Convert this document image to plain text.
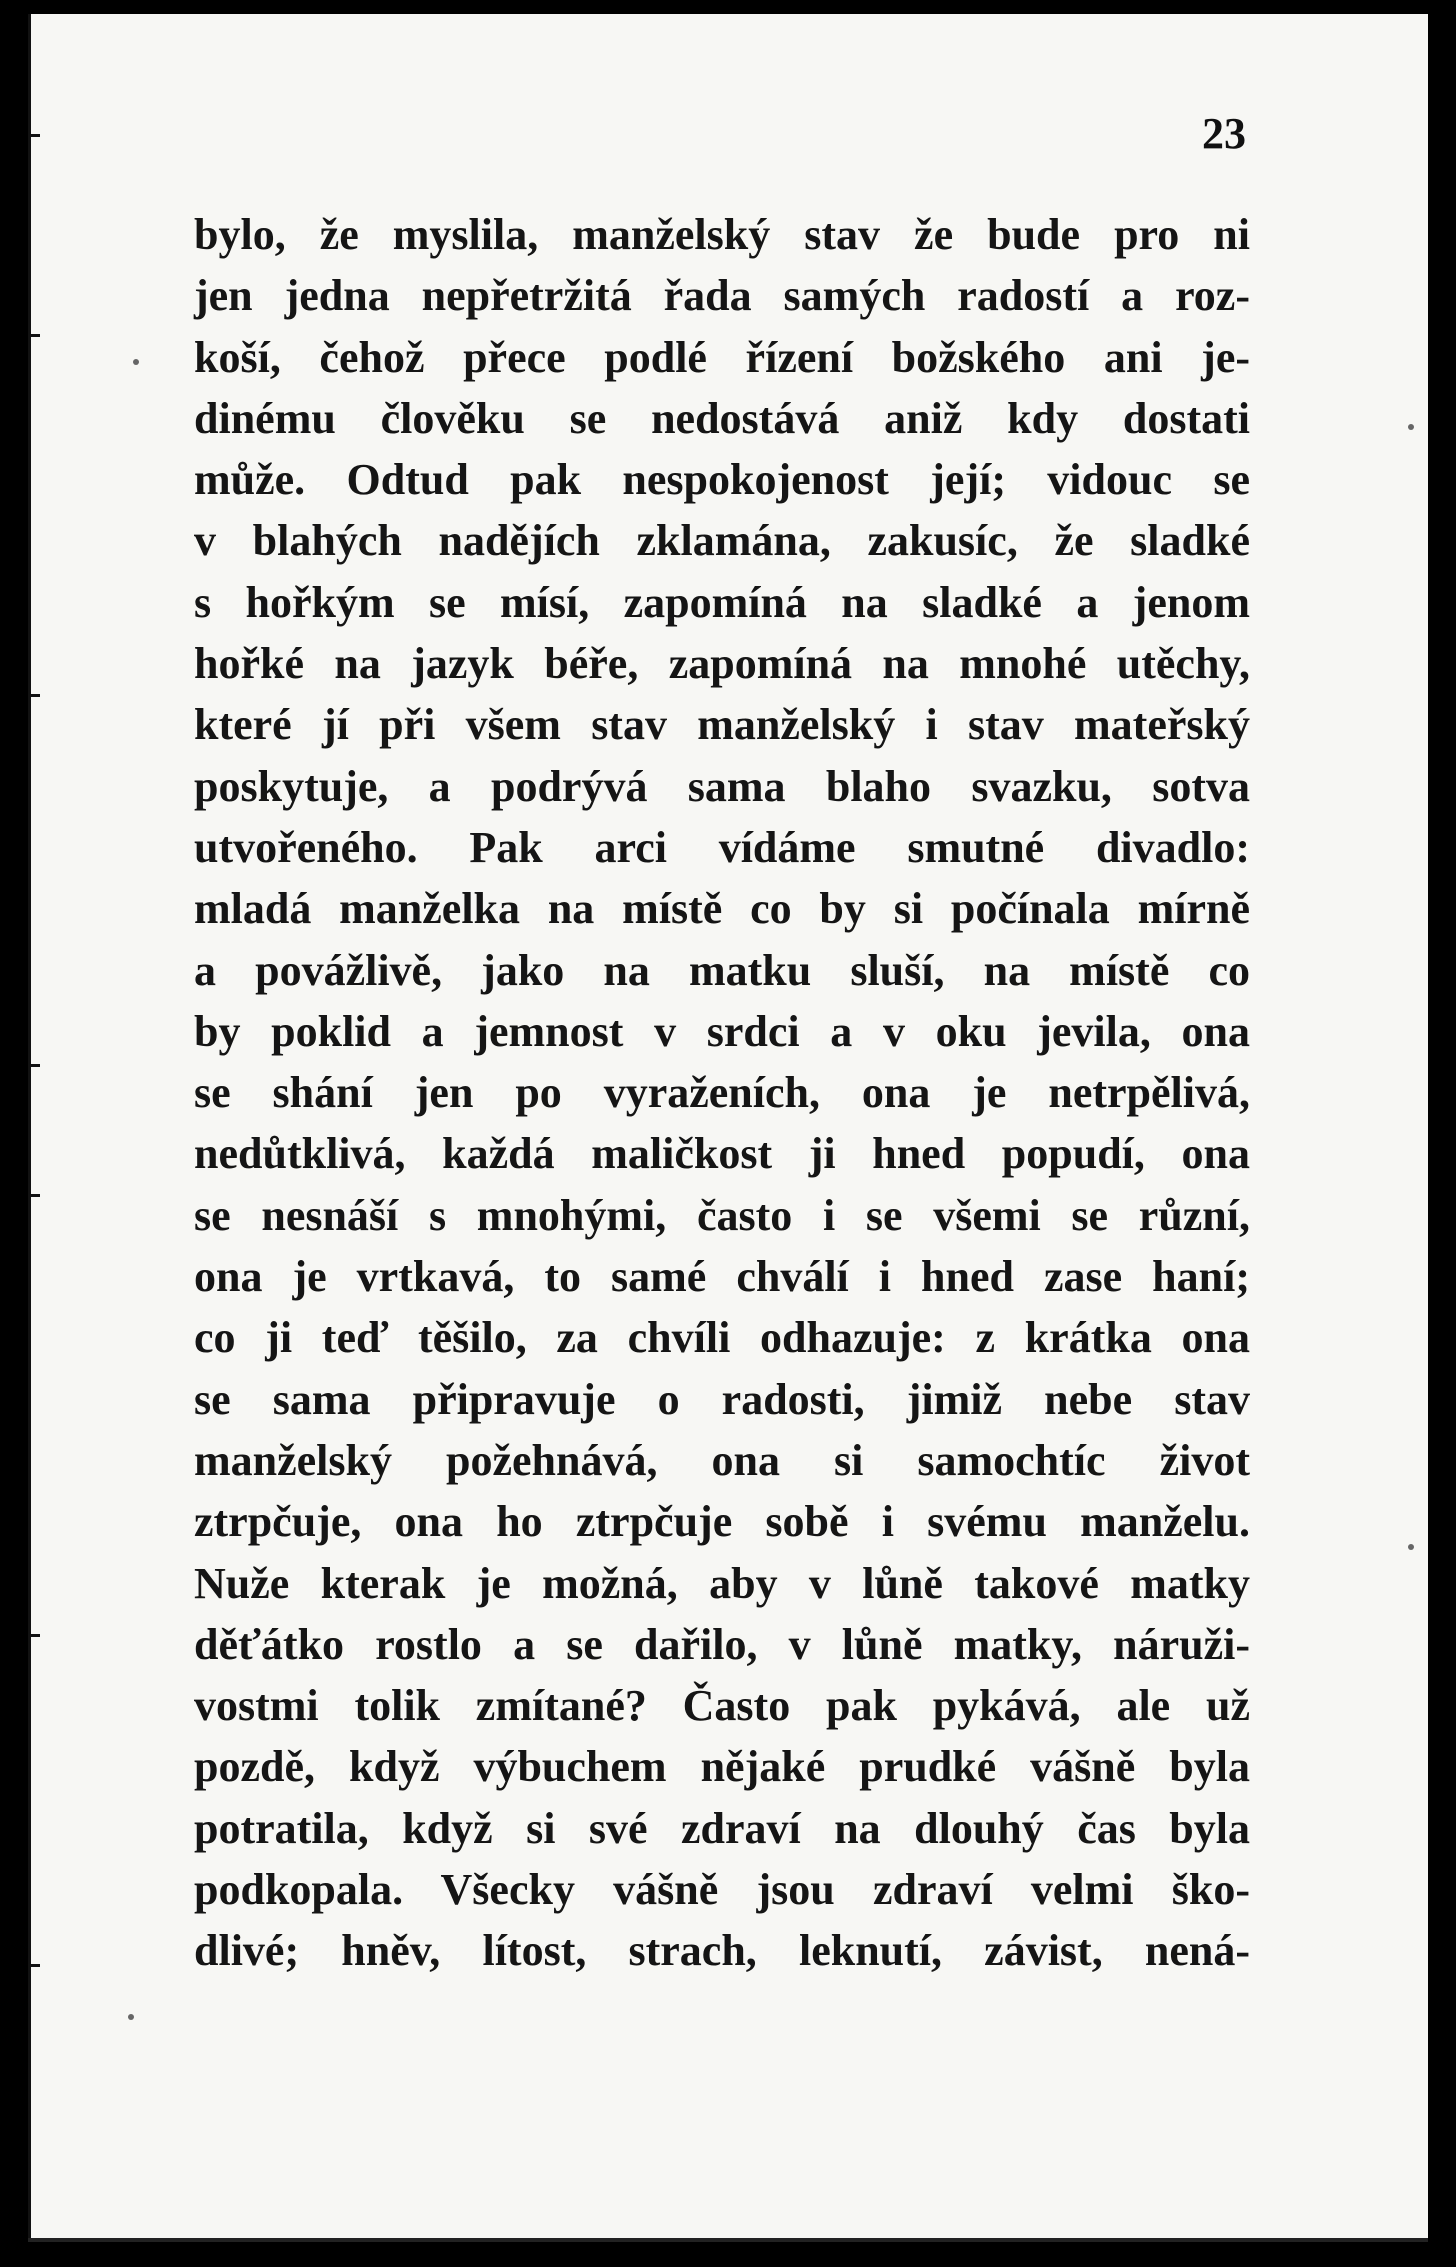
23
bylo, že myslila, manželský stav že bude pro ni
jen jedna nepřetržitá řada samých radostí a roz-
koší, čehož přece podlé řízení božského ani je-
dinému člověku se nedostává aniž kdy dostati
může. Odtud pak nespokojenost její; vidouc se
v blahých nadějích zklamána, zakusíc, že sladké
s hořkým se mísí, zapomíná na sladké a jenom
hořké na jazyk béře, zapomíná na mnohé utěchy,
které jí při všem stav manželský i stav mateřský
poskytuje, a podrývá sama blaho svazku, sotva
utvořeného. Pak arci vídáme smutné divadlo:
mladá manželka na místě co by si počínala mírně
a povážlivě, jako na matku sluší, na místě co
by poklid a jemnost v srdci a v oku jevila, ona
se shání jen po vyraženích, ona je netrpělivá,
nedůtklivá, každá maličkost ji hned popudí, ona
se nesnáší s mnohými, často i se všemi se různí,
ona je vrtkavá, to samé chválí i hned zase haní;
co ji teď těšilo, za chvíli odhazuje: z krátka ona
se sama připravuje o radosti, jimiž nebe stav
manželský požehnává, ona si samochtíc život
ztrpčuje, ona ho ztrpčuje sobě i svému manželu.
Nuže kterak je možná, aby v lůně takové matky
děťátko rostlo a se dařilo, v lůně matky, náruži-
vostmi tolik zmítané? Často pak pykává, ale už
pozdě, když výbuchem nějaké prudké vášně byla
potratila, když si své zdraví na dlouhý čas byla
podkopala. Všecky vášně jsou zdraví velmi ško-
dlivé; hněv, lítost, strach, leknutí, závist, nená-
